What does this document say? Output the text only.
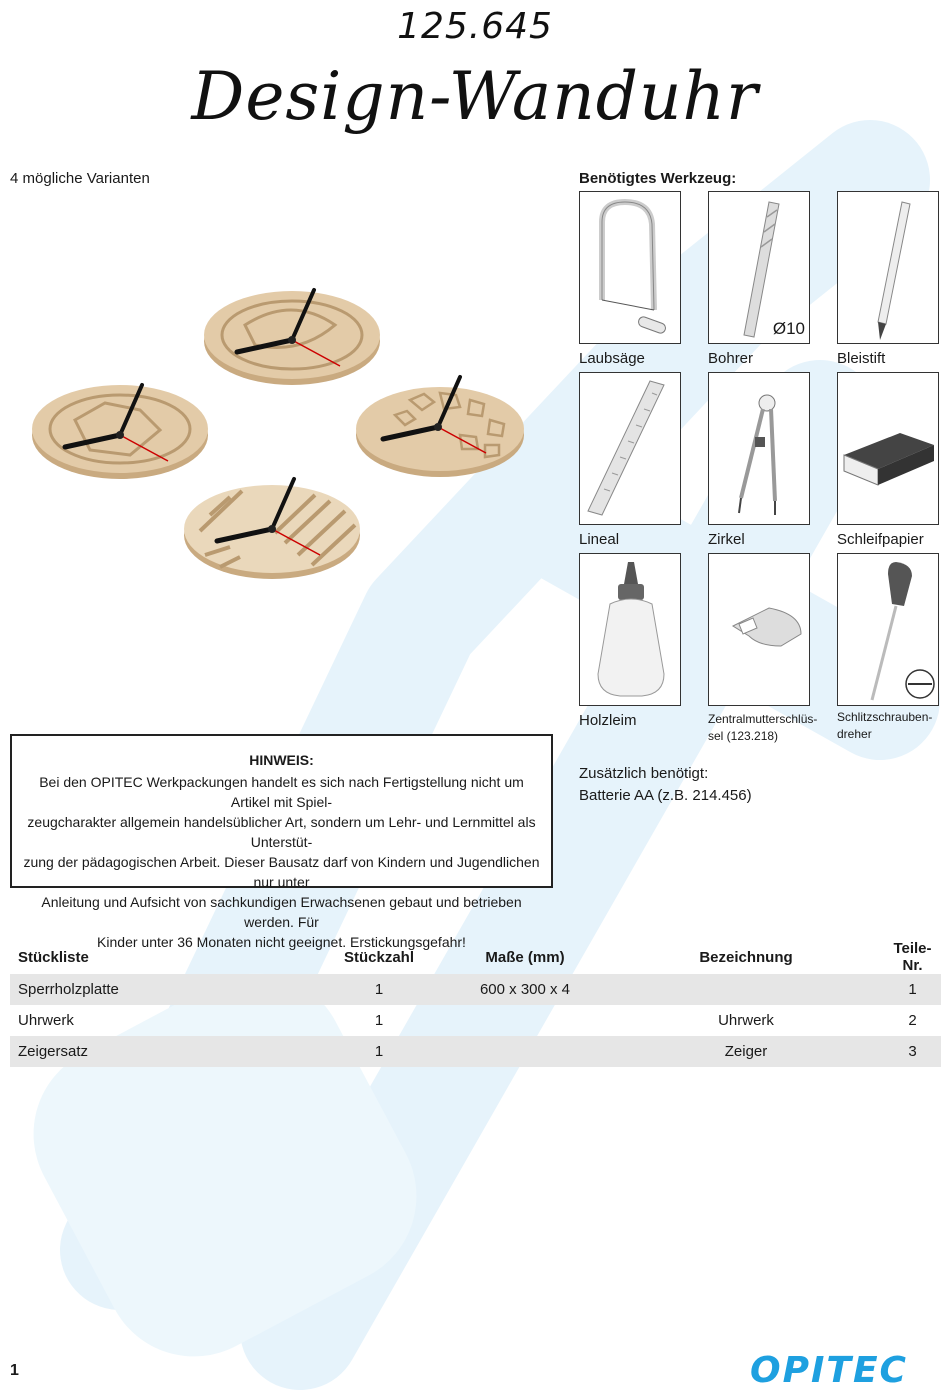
125.645
Design-Wanduhr
4 mögliche Varianten	Benötigtes Werkzeug:
Ø10
Laubsäge	Bohrer	Bleistift
Lineal	Zirkel	Schleifpapier
Holzleim	Zentralmutterschlüs-
sel (123.218)
Schlitzschrauben-
dreher
HINWEIS:
Bei den OPITEC Werkpackungen handelt es sich nach Fertigstellung nicht um Artikel mit Spiel-
zeugcharakter allgemein handelsüblicher Art, sondern um Lehr- und Lernmittel als Unterstüt-
zung der pädagogischen Arbeit. Dieser Bausatz darf von Kindern und Jugendlichen nur unter
Anleitung und Aufsicht von sachkundigen Erwachsenen gebaut und betrieben werden. Für
Kinder unter 36 Monaten nicht geeignet. Erstickungsgefahr!
Zusätzlich benötigt:
Batterie AA (z.B. 214.456)
Stückliste	Stückzahl	Maße (mm)	Bezeichnung	Teile-Nr.
Sperrholzplatte	1	600 x 300 x 4		1
Uhrwerk	1		Uhrwerk	2
Zeigersatz	1		Zeiger	3
1	OPITEC
